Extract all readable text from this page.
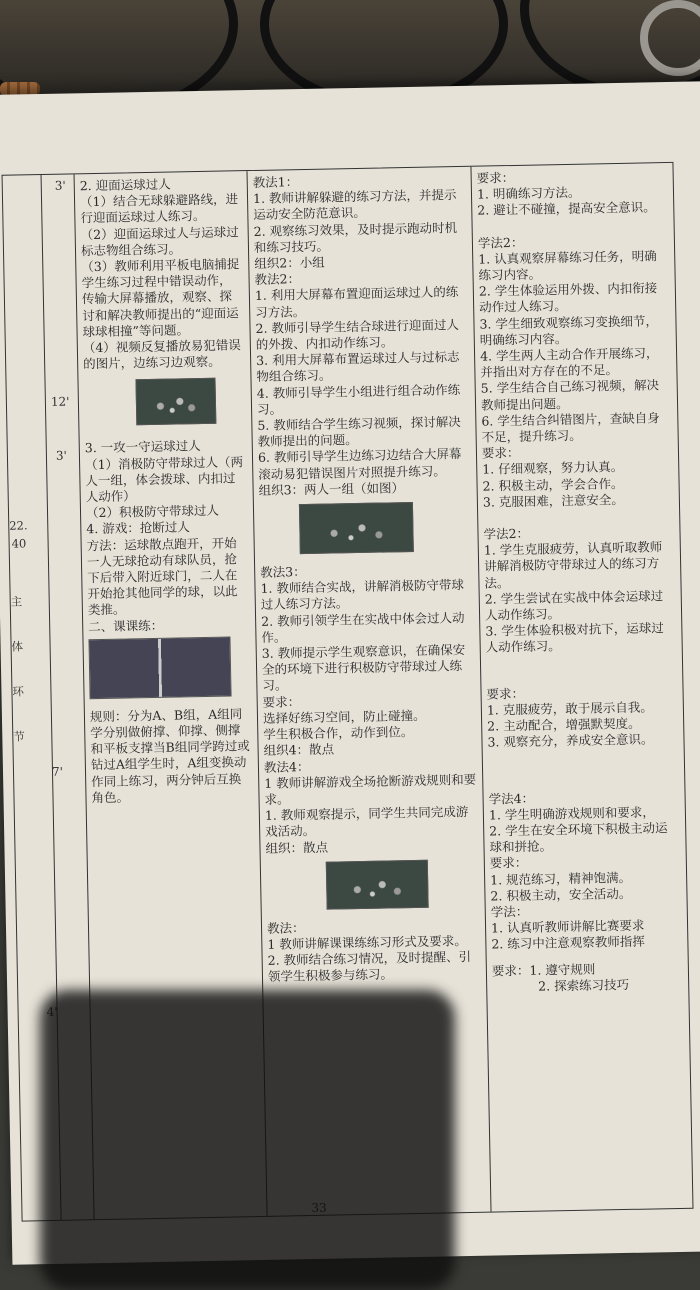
22.
40
主
体
环
节
3'
12'
3'
7'

2. 迎面运球过人

（1）结合无球躲避路线，进行迎面运球过人练习。

（2）迎面运球过人与运球过标志物组合练习。

（3）教师利用平板电脑捕捉学生练习过程中错误动作，传输大屏幕播放，观察、探讨和解决教师提出的“迎面运球球相撞”等问题。

（4）视频反复播放易犯错误的图片，边练习边观察。

3. 一攻一守运球过人

（1）消极防守带球过人（两人一组，体会拨球、内扣过人动作）

（2）积极防守带球过人

4. 游戏：抢断过人

方法：运球散点跑开，开始一人无球抢动有球队员，抢下后带入附近球门，二人在开始抢其他同学的球，以此类推。

二、课课练：

规则：分为A、B组，A组同学分别做俯撑、仰撑、侧撑和平板支撑当B组同学跨过或钻过A组学生时，A组变换动作同上练习，两分钟后互换角色。

教法1：

1. 教师讲解躲避的练习方法，并提示运动安全防范意识。

2. 观察练习效果，及时提示跑动时机和练习技巧。

组织2：小组

教法2：

1. 利用大屏幕布置迎面运球过人的练习方法。

2. 教师引导学生结合球进行迎面过人的外拨、内扣动作练习。

3. 利用大屏幕布置运球过人与过标志物组合练习。

4. 教师引导学生小组进行组合动作练习。

5. 教师结合学生练习视频，探讨解决教师提出的问题。

6. 教师引导学生边练习边结合大屏幕滚动易犯错误图片对照提升练习。

组织3：两人一组（如图）

教法3：

1. 教师结合实战，讲解消极防守带球过人练习方法。

2. 教师引领学生在实战中体会过人动作。

3. 教师提示学生观察意识，在确保安全的环境下进行积极防守带球过人练习。

要求：

选择好练习空间，防止碰撞。

学生积极合作，动作到位。

组织4：散点

教法4：

1 教师讲解游戏全场抢断游戏规则和要求。

1. 教师观察提示，同学生共同完成游戏活动。

组织：散点

教法：

1 教师讲解课课练练习形式及要求。

2. 教师结合练习情况，及时提醒、引领学生积极参与练习。

要求：

1. 明确练习方法。

2. 避让不碰撞，提高安全意识。

学法2：

1. 认真观察屏幕练习任务，明确练习内容。

2. 学生体验运用外拨、内扣衔接动作过人练习。

3. 学生细致观察练习变换细节，明确练习内容。

4. 学生两人主动合作开展练习，并指出对方存在的不足。

5. 学生结合自己练习视频，解决教师提出问题。

6. 学生结合纠错图片，查缺自身不足，提升练习。

要求：

1. 仔细观察，努力认真。

2. 积极主动，学会合作。

3. 克服困难，注意安全。

学法2：

1. 学生克服疲劳，认真听取教师讲解消极防守带球过人的练习方法。

2. 学生尝试在实战中体会运球过人动作练习。

3. 学生体验积极对抗下，运球过人动作练习。

要求：

1. 克服疲劳，敢于展示自我。

2. 主动配合，增强默契度。

3. 观察充分，养成安全意识。

学法4：

1. 学生明确游戏规则和要求，

2. 学生在安全环境下积极主动运球和拼抢。

要求：

1. 规范练习，精神饱满。

2. 积极主动，安全活动。

学法：

1. 认真听教师讲解比赛要求

2. 练习中注意观察教师指挥

要求：1. 遵守规则

2. 探索练习技巧
